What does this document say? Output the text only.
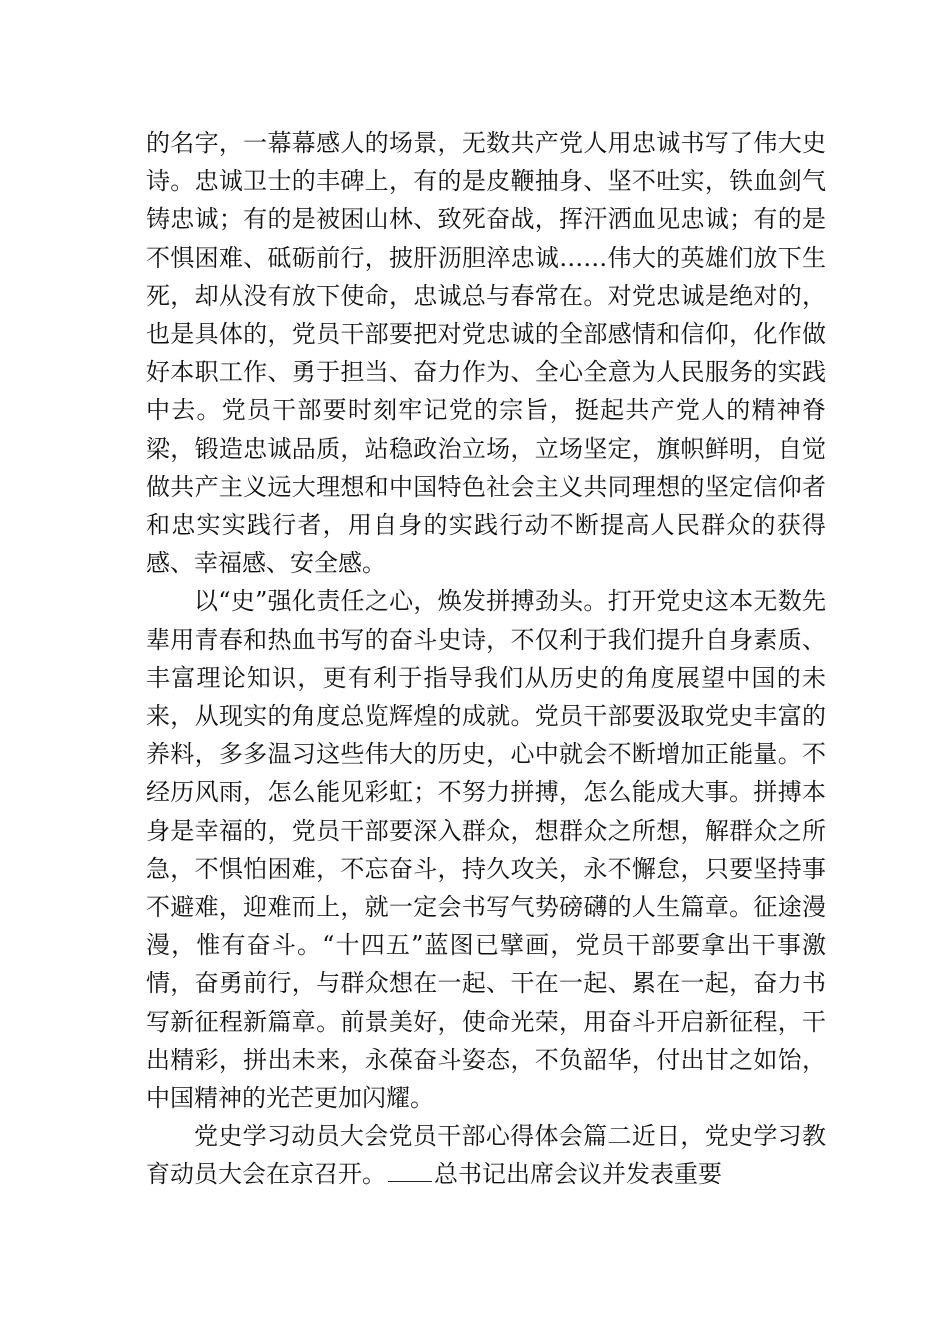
的名字，一幕幕感人的场景，无数共产党人用忠诚书写了伟大史诗。忠诚卫士的丰碑上，有的是皮鞭抽身、坚不吐实，铁血剑气铸忠诚；有的是被困山林、致死奋战，挥汗洒血见忠诚；有的是不惧困难、砥砺前行，披肝沥胆淬忠诚……伟大的英雄们放下生死，却从没有放下使命，忠诚总与春常在。对党忠诚是绝对的，也是具体的，党员干部要把对党忠诚的全部感情和信仰，化作做好本职工作、勇于担当、奋力作为、全心全意为人民服务的实践中去。党员干部要时刻牢记党的宗旨，挺起共产党人的精神脊梁，锻造忠诚品质，站稳政治立场，立场坚定，旗帜鲜明，自觉做共产主义远大理想和中国特色社会主义共同理想的坚定信仰者和忠实实践行者，用自身的实践行动不断提高人民群众的获得感、幸福感、安全感。

以“史”强化责任之心，焕发拼搏劲头。打开党史这本无数先辈用青春和热血书写的奋斗史诗，不仅利于我们提升自身素质、丰富理论知识，更有利于指导我们从历史的角度展望中国的未来，从现实的角度总览辉煌的成就。党员干部要汲取党史丰富的养料，多多温习这些伟大的历史，心中就会不断增加正能量。不经历风雨，怎么能见彩虹；不努力拼搏，怎么能成大事。拼搏本身是幸福的，党员干部要深入群众，想群众之所想，解群众之所急，不惧怕困难，不忘奋斗，持久攻关，永不懈怠，只要坚持事不避难，迎难而上，就一定会书写气势磅礴的人生篇章。征途漫漫，惟有奋斗。“十四五”蓝图已擘画，党员干部要拿出干事激情，奋勇前行，与群众想在一起、干在一起、累在一起，奋力书写新征程新篇章。前景美好，使命光荣，用奋斗开启新征程，干出精彩，拼出未来，永葆奋斗姿态，不负韶华，付出甘之如饴，中国精神的光芒更加闪耀。

党史学习动员大会党员干部心得体会篇二近日，党史学习教育动员大会在京召开。 总书记出席会议并发表重要
